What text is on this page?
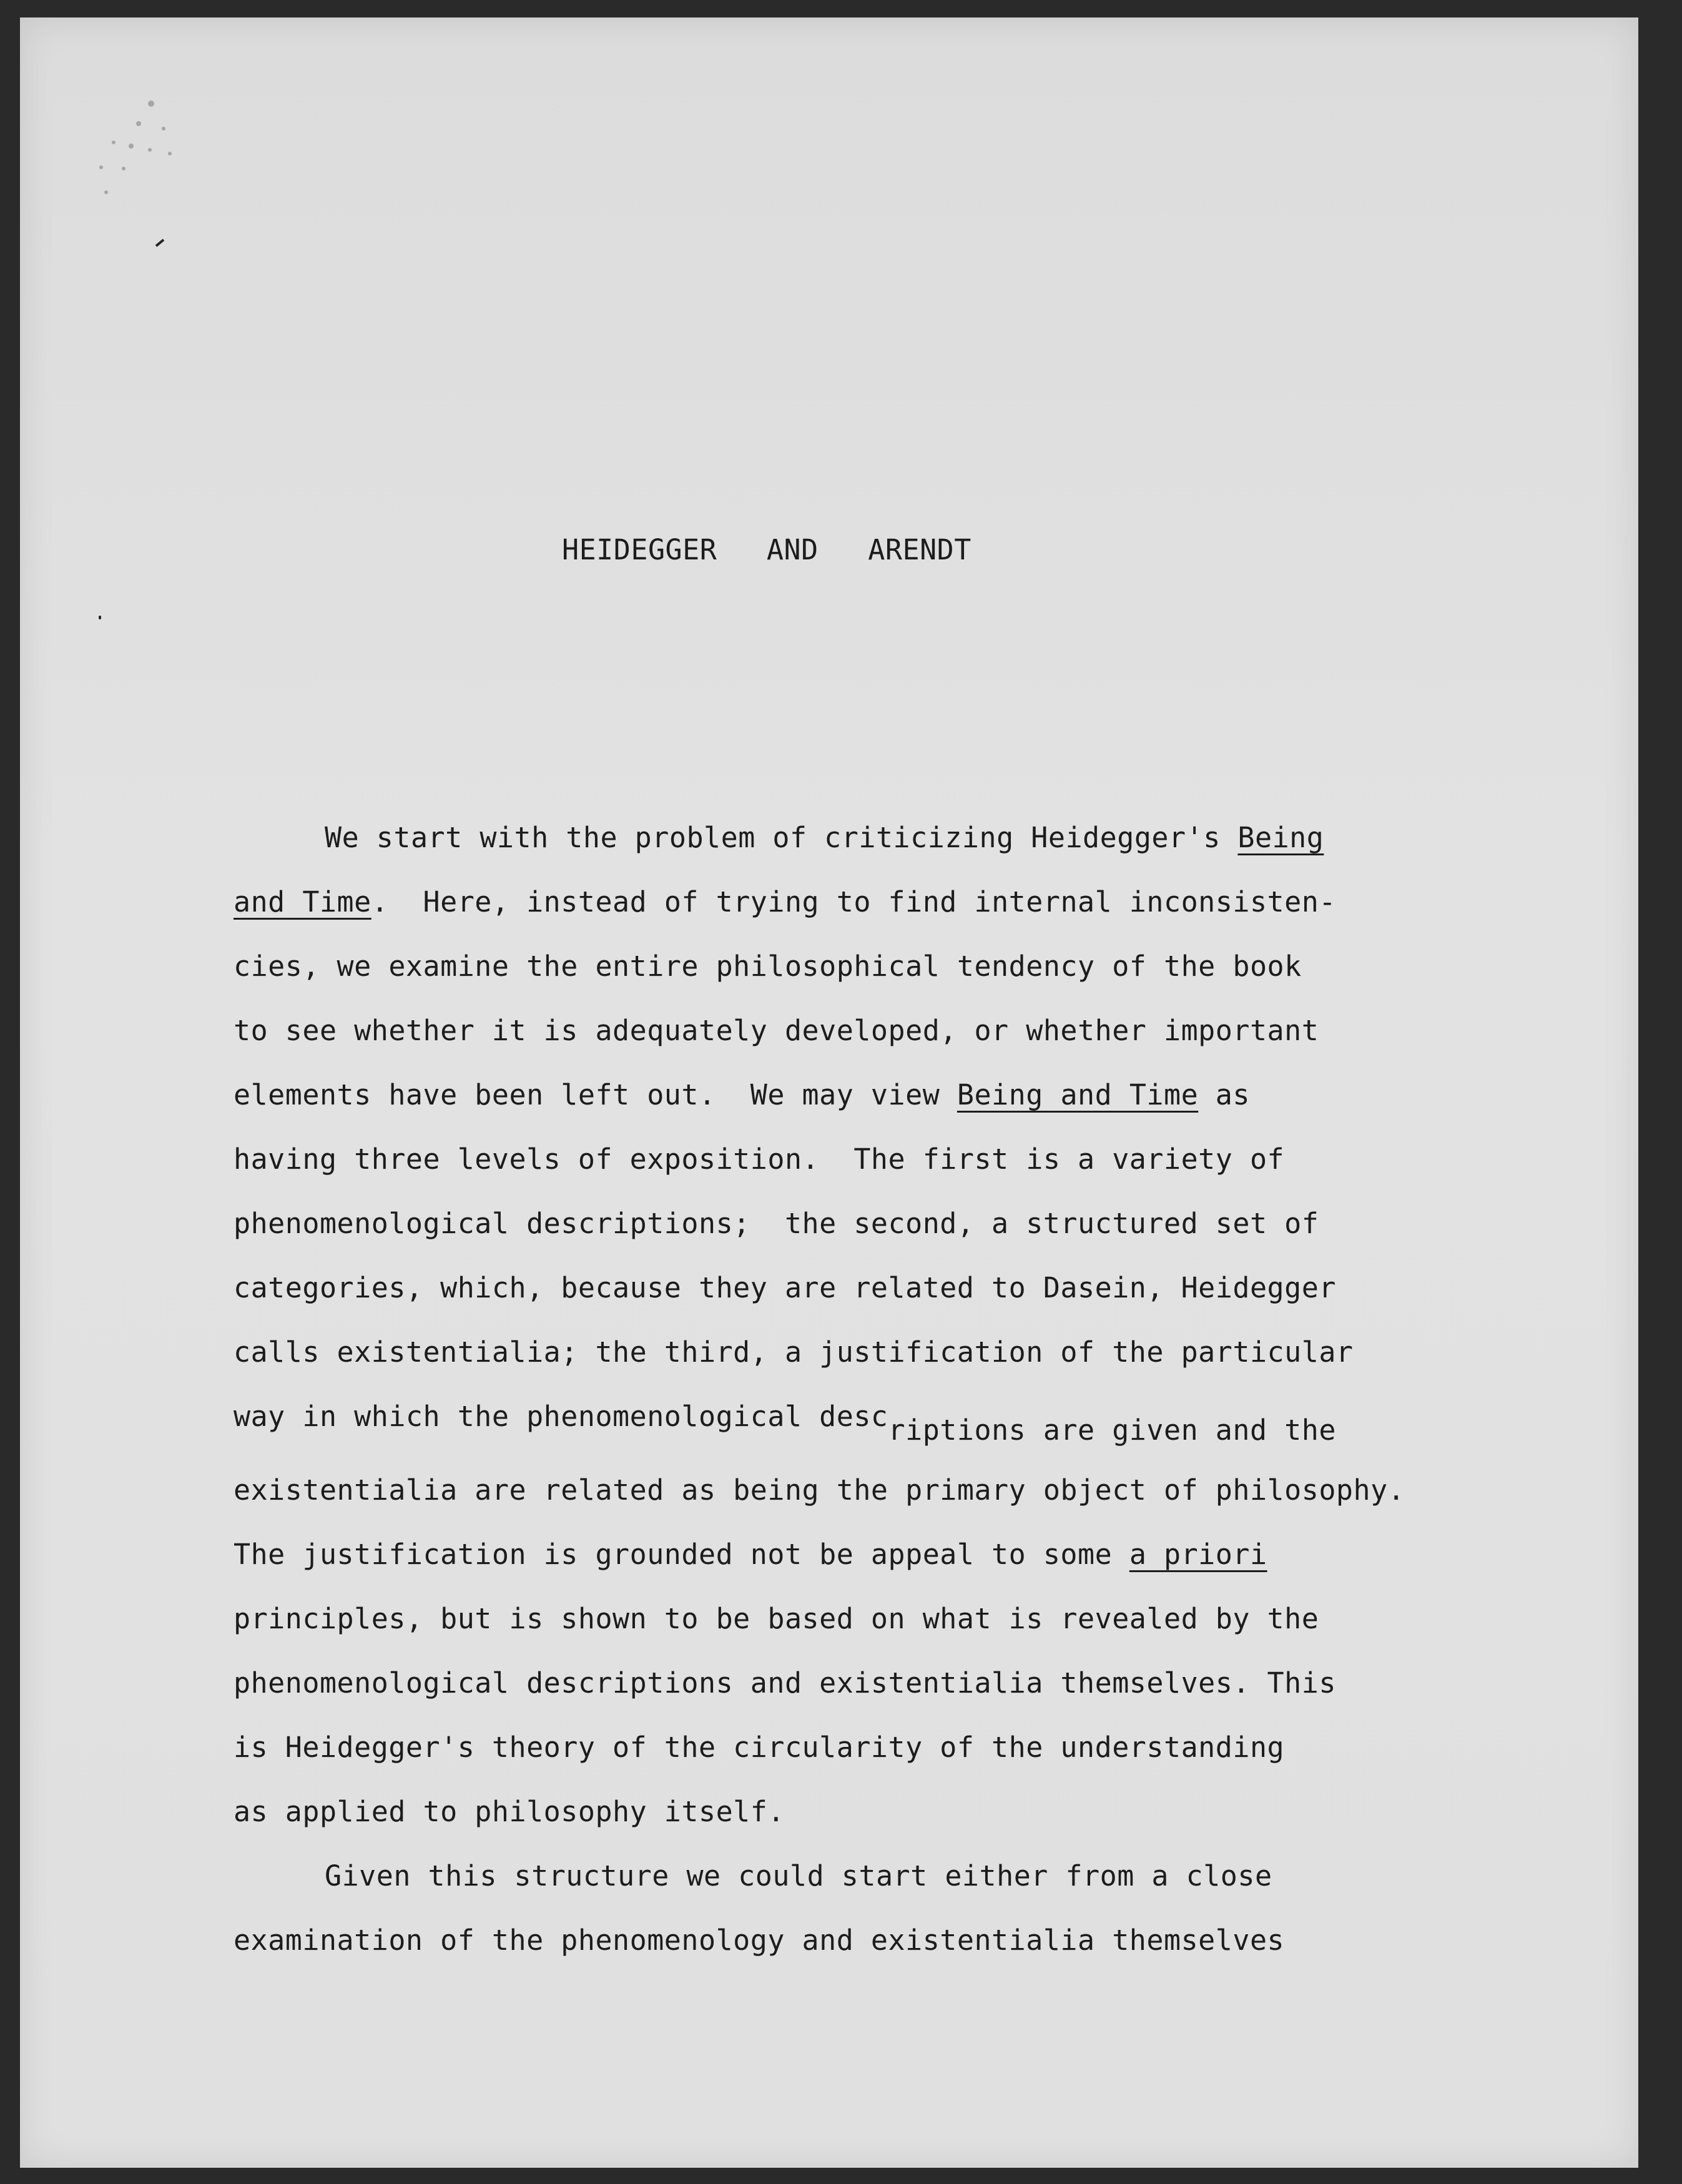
HEIDEGGER AND ARENDT
We start with the problem of criticizing Heidegger's Being
and Time.  Here, instead of trying to find internal inconsisten-
cies, we examine the entire philosophical tendency of the book
to see whether it is adequately developed, or whether important
elements have been left out.  We may view Being and Time as
having three levels of exposition.  The first is a variety of
phenomenological descriptions;  the second, a structured set of
categories, which, because they are related to Dasein, Heidegger
calls existentialia; the third, a justification of the particular
way in which the phenomenological descriptions are given and the
existentialia are related as being the primary object of philosophy.
The justification is grounded not be appeal to some a priori
principles, but is shown to be based on what is revealed by the
phenomenological descriptions and existentialia themselves. This
is Heidegger's theory of the circularity of the understanding
as applied to philosophy itself.
Given this structure we could start either from a close
examination of the phenomenology and existentialia themselves
